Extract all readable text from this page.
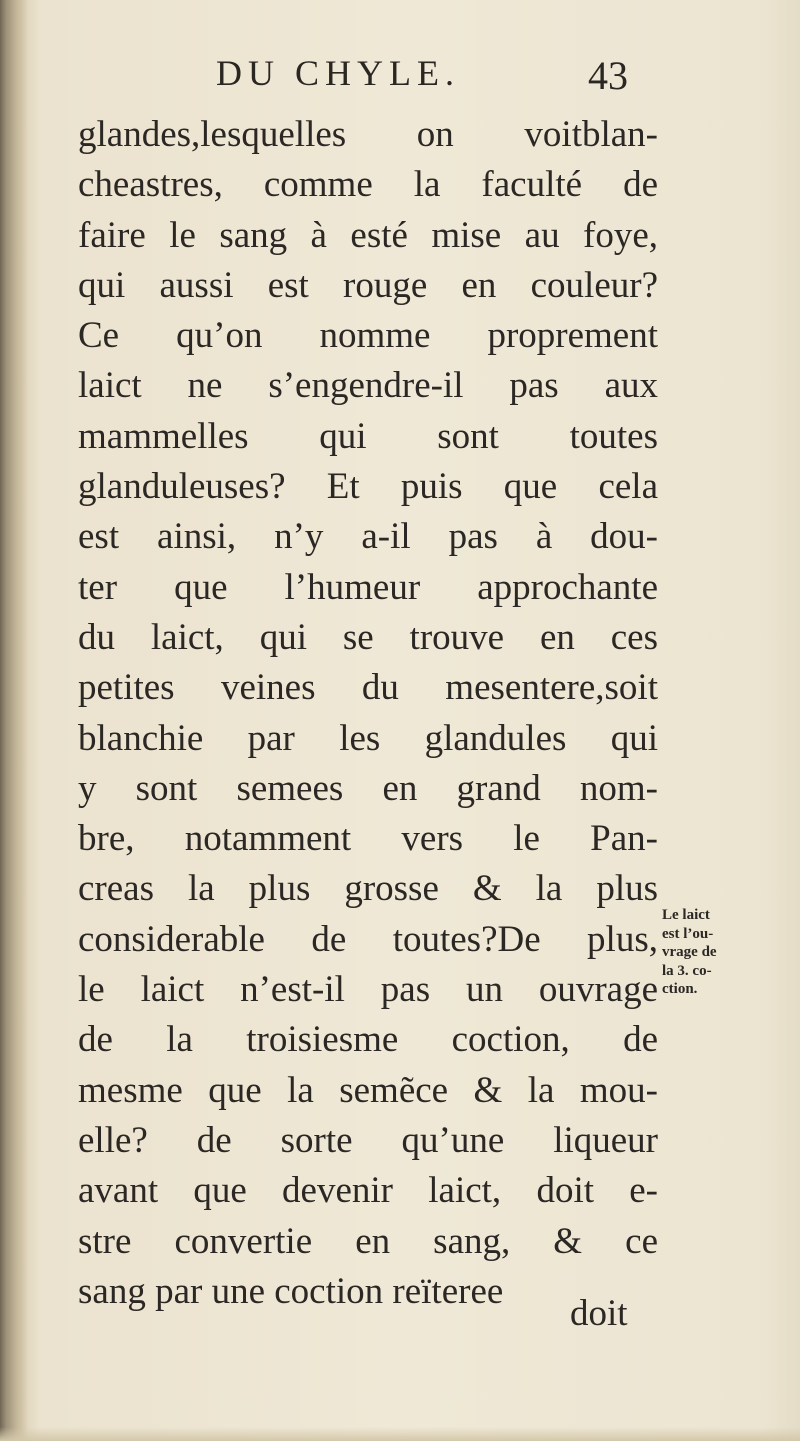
DU CHYLE.	43
glandes,lesquelles on voitblan-
cheastres, comme la faculté de
faire le sang à esté mise au foye,
qui aussi est rouge en couleur?
Ce qu’on nomme proprement
laict ne s’engendre-il pas aux
mammelles qui sont toutes
glanduleuses? Et puis que cela
est ainsi, n’y a-il pas à dou-
ter que l’humeur approchante
du laict, qui se trouve en ces
petites veines du mesentere,soit
blanchie par les glandules qui
y sont semees en grand nom-
bre, notamment vers le Pan-
creas la plus grosse & la plus
considerable de toutes?De plus,
le laict n’est-il pas un ouvrage
de la troisiesme coction, de
mesme que la semẽce & la mou-
elle? de sorte qu’une liqueur
avant que devenir laict, doit e-
stre convertie en sang, & ce
sang par une coction reïteree
doit
Le laict
est l’ou-
vrage de
la 3. co-
ction.
